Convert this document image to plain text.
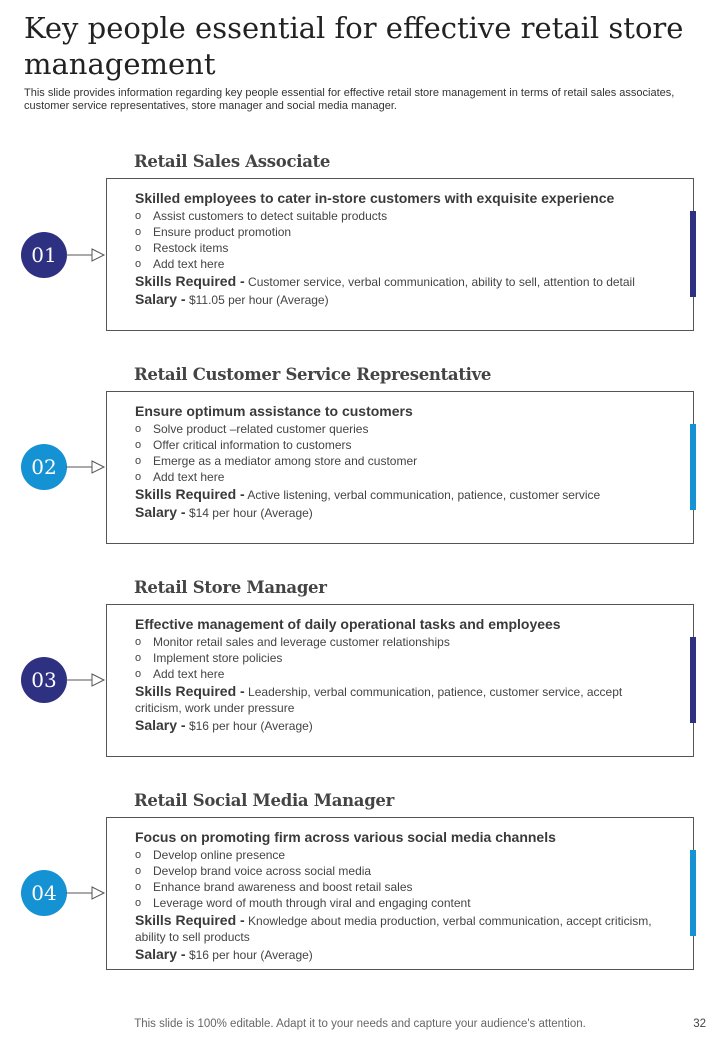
Key people essential for effective retail store management
This slide provides information regarding key people essential for effective retail store management in terms of retail sales associates, customer service representatives, store manager and social media manager.
Retail Sales Associate
Skilled employees to cater in-store customers with exquisite experience
o Assist customers to detect suitable products
o Ensure product promotion
o Restock items
o Add text here
Skills Required - Customer service, verbal communication, ability to sell, attention to detail
Salary - $11.05 per hour (Average)
01
Retail Customer Service Representative
Ensure optimum assistance to customers
o Solve product –related customer queries
o Offer critical information to customers
o Emerge as a mediator among store and customer
o Add text here
Skills Required - Active listening, verbal communication, patience, customer service
Salary - $14 per hour (Average)
02
Retail Store Manager
Effective management of daily operational tasks and employees
o Monitor retail sales and leverage customer relationships
o Implement store policies
o Add text here
Skills Required - Leadership, verbal communication, patience, customer service, accept criticism, work under pressure
Salary - $16 per hour (Average)
03
Retail Social Media Manager
Focus on promoting firm across various social media channels
o Develop online presence
o Develop brand voice across social media
o Enhance brand awareness and boost retail sales
o Leverage word of mouth through viral and engaging content
Skills Required - Knowledge about media production, verbal communication, accept criticism, ability to sell products
Salary - $16 per hour (Average)
04
This slide is 100% editable. Adapt it to your needs and capture your audience's attention.	32
